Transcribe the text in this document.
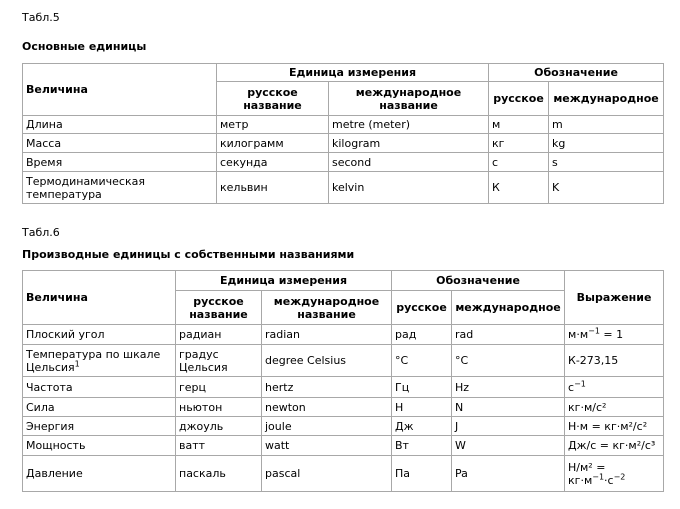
Табл.5
Основные единицы
Величина	Единица измерения		Обозначение	
	русское название	международное название	русское	международное
Длина	метр	metre (meter)	м	m
Масса	килограмм	kilogram	кг	kg
Время	секунда	second	с	s
Термодинамическая температура	кельвин	kelvin	К	K
Табл.6
Производные единицы с собственными названиями
Величина	Единица измерения		Обозначение		Выражение
	русское название	международное название	русское	международное	
Плоский угол	радиан	radian	рад	rad	$м\cdot м^{-1} = 1$
Температура по шкале Цельсия$^1$	градус Цельсия	degree Celsius	°С	°C	К-273,15
Частота	герц	hertz	Гц	Hz	$с^{-1}$
Сила	ньютон	newton	Н	N	кг·м/с²
Энергия	джоуль	joule	Дж	J	Н·м = кг·м²/с²
Мощность	ватт	watt	Вт	W	Дж/с = кг·м²/с³
Давление	паскаль	pascal	Па	Pa	Н/м² =
$кг\cdot м^{-1}\cdot с^{-2}$
